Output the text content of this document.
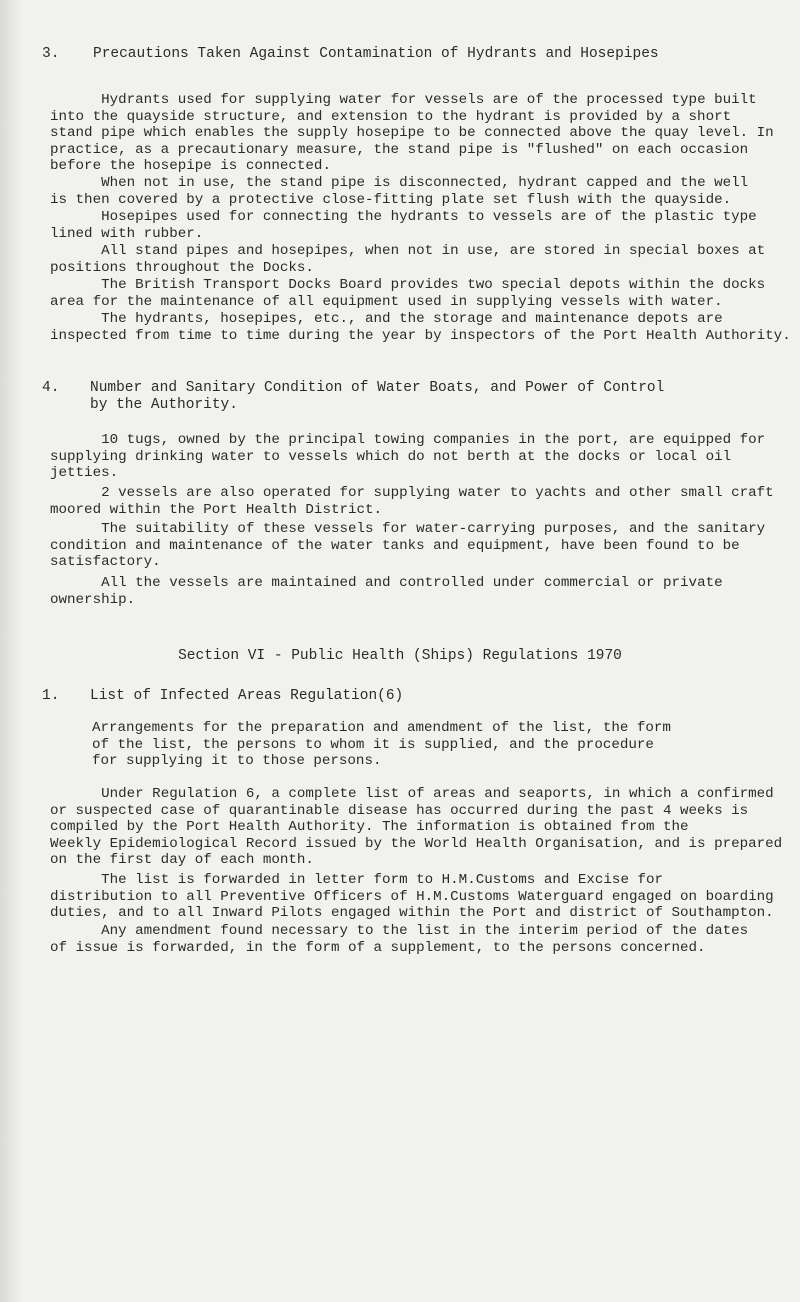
3. Precautions Taken Against Contamination of Hydrants and Hosepipes

Hydrants used for supplying water for vessels are of the processed type built
into the quayside structure, and extension to the hydrant is provided by a short
stand pipe which enables the supply hosepipe to be connected above the quay level. In
practice, as a precautionary measure, the stand pipe is "flushed" on each occasion
before the hosepipe is connected.

When not in use, the stand pipe is disconnected, hydrant capped and the well
is then covered by a protective close-fitting plate set flush with the quayside.

Hosepipes used for connecting the hydrants to vessels are of the plastic type
lined with rubber.

All stand pipes and hosepipes, when not in use, are stored in special boxes at
positions throughout the Docks.

The British Transport Docks Board provides two special depots within the docks
area for the maintenance of all equipment used in supplying vessels with water.

The hydrants, hosepipes, etc., and the storage and maintenance depots are
inspected from time to time during the year by inspectors of the Port Health Authority.

4. Number and Sanitary Condition of Water Boats, and Power of Control
by the Authority.

10 tugs, owned by the principal towing companies in the port, are equipped for
supplying drinking water to vessels which do not berth at the docks or local oil
jetties.

2 vessels are also operated for supplying water to yachts and other small craft
moored within the Port Health District.

The suitability of these vessels for water-carrying purposes, and the sanitary
condition and maintenance of the water tanks and equipment, have been found to be
satisfactory.

All the vessels are maintained and controlled under commercial or private
ownership.

Section VI - Public Health (Ships) Regulations 1970
1. List of Infected Areas Regulation(6)

Arrangements for the preparation and amendment of the list, the form
of the list, the persons to whom it is supplied, and the procedure
for supplying it to those persons.

Under Regulation 6, a complete list of areas and seaports, in which a confirmed
or suspected case of quarantinable disease has occurred during the past 4 weeks is
compiled by the Port Health Authority. The information is obtained from the
Weekly Epidemiological Record issued by the World Health Organisation, and is prepared
on the first day of each month.

The list is forwarded in letter form to H.M.Customs and Excise for
distribution to all Preventive Officers of H.M.Customs Waterguard engaged on boarding
duties, and to all Inward Pilots engaged within the Port and district of Southampton.

Any amendment found necessary to the list in the interim period of the dates
of issue is forwarded, in the form of a supplement, to the persons concerned.
